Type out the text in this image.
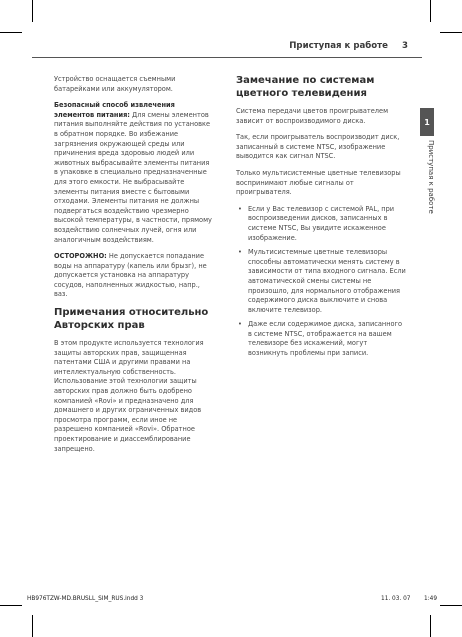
Приступая к работе 3
1
Приступая к работе

Устройство оснащается съемными батарейками или аккумулятором.

Безопасный способ извлечения элементов питания: Для смены элементов питания выполняйте действия по установке в обратном порядке. Во избежание загрязнения окружающей среды или причинения вреда здоровью людей или животных выбрасывайте элементы питания в упаковке в специально предназначенные для этого емкости. Не выбрасывайте элементы питания вместе с бытовыми отходами. Элементы питания не должны подвергаться воздействию чрезмерно высокой температуры, в частности, прямому воздействию солнечных лучей, огня или аналогичным воздействиям.

ОСТОРОЖНО: Не допускается попадание воды на аппаратуру (капель или брызг), не допускается установка на аппаратуру сосудов, наполненных жидкостью, напр., ваз.

Примечания относительно Авторских прав

В этом продукте используется технология защиты авторских прав, защищенная патентами США и другими правами на интеллектуальную собственность. Использование этой технологии защиты авторских прав должно быть одобрено компанией «Rovi» и предназначено для домашнего и других ограниченных видов просмотра программ, если иное не разрешено компанией «Rovi». Обратное проектирование и диассемблирование запрещено.

Замечание по системам цветного телевидения

Система передачи цветов проигрывателем зависит от воспроизводимого диска.

Так, если проигрыватель воспроизводит диск, записанный в системе NTSC, изображение выводится как сигнал NTSC.

Только мультисистемные цветные телевизоры воспринимают любые сигналы от проигрывателя.

• Если у Вас телевизор с системой PAL, при воспроизведении дисков, записанных в системе NTSC, Вы увидите искаженное изображение.
• Мультисистемные цветные телевизоры способны автоматически менять систему в зависимости от типа входного сигнала. Если автоматической смены системы не произошло, для нормального отображения содержимого диска выключите и снова включите телевизор.
• Даже если содержимое диска, записанного в системе NTSC, отображается на вашем телевизоре без искажений, могут возникнуть проблемы при записи.
HB976TZW-MD.BRUSLL_SIM_RUS.indd 3	11. 03. 07 1:49
